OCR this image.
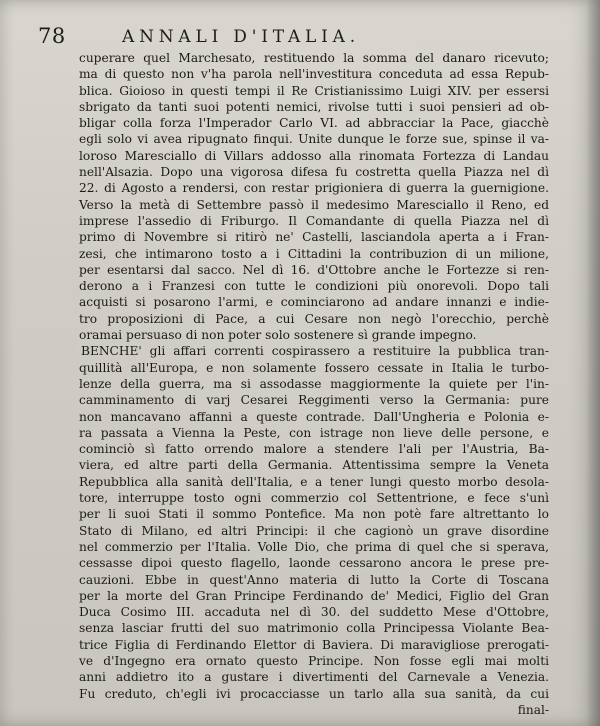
78	ANNALI D'ITALIA.
cuperare quel Marchesato, restituendo la somma del danaro ricevuto;
ma di questo non v'ha parola nell'investitura conceduta ad essa Repub-
blica. Gioioso in questi tempi il Re Cristianissimo Luigi XIV. per essersi
sbrigato da tanti suoi potenti nemici, rivolse tutti i suoi pensieri ad ob-
bligar colla forza l'Imperador Carlo VI. ad abbracciar la Pace, giacchè
egli solo vi avea ripugnato finqui. Unite dunque le forze sue, spinse il va-
loroso Maresciallo di Villars addosso alla rinomata Fortezza di Landau
nell'Alsazia. Dopo una vigorosa difesa fu costretta quella Piazza nel dì
22. di Agosto a rendersi, con restar prigioniera di guerra la guernigione.
Verso la metà di Settembre passò il medesimo Maresciallo il Reno, ed
imprese l'assedio di Friburgo. Il Comandante di quella Piazza nel dì
primo di Novembre si ritirò ne' Castelli, lasciandola aperta a i Fran-
zesi, che intimarono tosto a i Cittadini la contribuzion di un milione,
per esentarsi dal sacco. Nel dì 16. d'Ottobre anche le Fortezze si ren-
derono a i Franzesi con tutte le condizioni più onorevoli. Dopo tali
acquisti si posarono l'armi, e cominciarono ad andare innanzi e indie-
tro proposizioni di Pace, a cui Cesare non negò l'orecchio, perchè
oramai persuaso di non poter solo sostenere sì grande impegno.
BENCHE' gli affari correnti cospirassero a restituire la pubblica tran-
quillità all'Europa, e non solamente fossero cessate in Italia le turbo-
lenze della guerra, ma si assodasse maggiormente la quiete per l'in-
camminamento di varj Cesarei Reggimenti verso la Germania: pure
non mancavano affanni a queste contrade. Dall'Ungheria e Polonia e-
ra passata a Vienna la Peste, con istrage non lieve delle persone, e
cominciò sì fatto orrendo malore a stendere l'ali per l'Austria, Ba-
viera, ed altre parti della Germania. Attentissima sempre la Veneta
Repubblica alla sanità dell'Italia, e a tener lungi questo morbo desola-
tore, interruppe tosto ogni commerzio col Settentrione, e fece s'unì
per li suoi Stati il sommo Pontefice. Ma non potè fare altrettanto lo
Stato di Milano, ed altri Principi: il che cagionò un grave disordine
nel commerzio per l'Italia. Volle Dio, che prima di quel che si sperava,
cessasse dipoi questo flagello, laonde cessarono ancora le prese pre-
cauzioni. Ebbe in quest'Anno materia di lutto la Corte di Toscana
per la morte del Gran Principe Ferdinando de' Medici, Figlio del Gran
Duca Cosimo III. accaduta nel dì 30. del suddetto Mese d'Ottobre,
senza lasciar frutti del suo matrimonio colla Principessa Violante Bea-
trice Figlia di Ferdinando Elettor di Baviera. Di maravigliose prerogati-
ve d'Ingegno era ornato questo Principe. Non fosse egli mai molti
anni addietro ito a gustare i divertimenti del Carnevale a Venezia.
Fu creduto, ch'egli ivi procacciasse un tarlo alla sua sanità, da cui
final-
